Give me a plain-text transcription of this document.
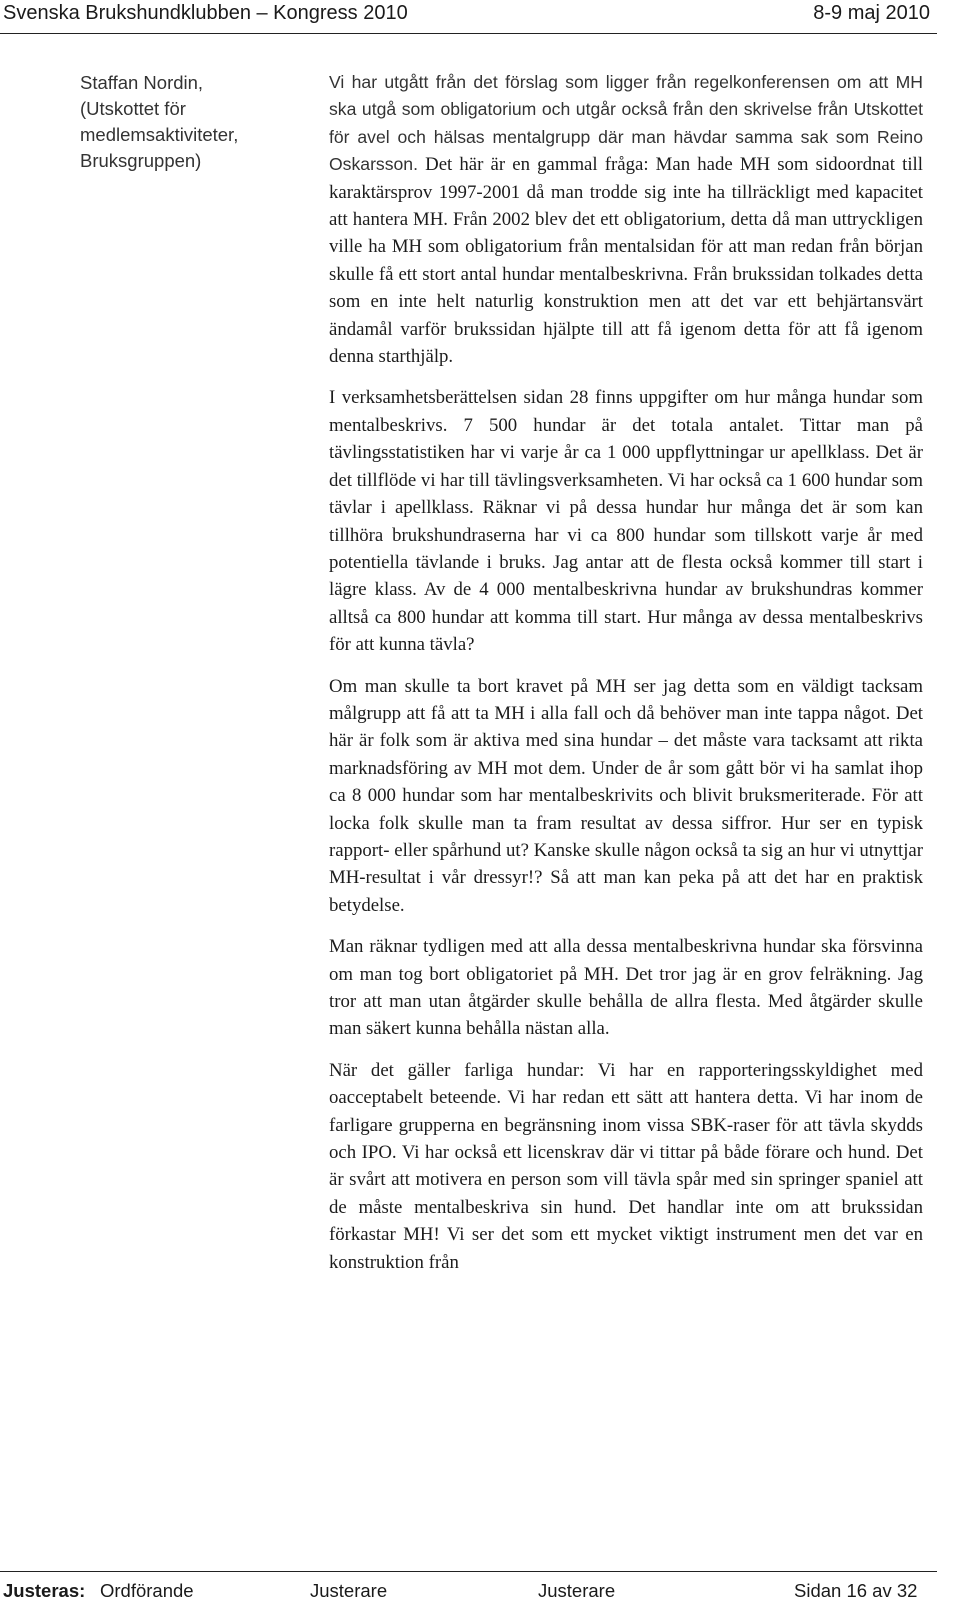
Svenska Brukshundklubben – Kongress 2010	8-9 maj 2010
Staffan Nordin,
(Utskottet för
medlemsaktiviteter,
Bruksgruppen)

Vi har utgått från det förslag som ligger från regelkonferensen om att MH ska utgå som obligatorium och utgår också från den skrivelse från Utskottet för avel och hälsas mentalgrupp där man hävdar samma sak som Reino Oskarsson. Det här är en gammal fråga: Man hade MH som sidoordnat till karaktärsprov 1997-2001 då man trodde sig inte ha tillräckligt med kapacitet att hantera MH. Från 2002 blev det ett obligatorium, detta då man uttryckligen ville ha MH som obligatorium från mentalsidan för att man redan från början skulle få ett stort antal hundar mentalbeskrivna. Från brukssidan tolkades detta som en inte helt naturlig konstruktion men att det var ett behjärtansvärt ändamål varför brukssidan hjälpte till att få igenom detta för att få igenom denna starthjälp.

I verksamhetsberättelsen sidan 28 finns uppgifter om hur många hundar som mentalbeskrivs. 7 500 hundar är det totala antalet. Tittar man på tävlingsstatistiken har vi varje år ca 1 000 uppflyttningar ur apellklass. Det är det tillflöde vi har till tävlingsverksamheten. Vi har också ca 1 600 hundar som tävlar i apellklass. Räknar vi på dessa hundar hur många det är som kan tillhöra brukshundraserna har vi ca 800 hundar som tillskott varje år med potentiella tävlande i bruks. Jag antar att de flesta också kommer till start i lägre klass. Av de 4 000 mentalbeskrivna hundar av brukshundras kommer alltså ca 800 hundar att komma till start. Hur många av dessa mentalbeskrivs för att kunna tävla?

Om man skulle ta bort kravet på MH ser jag detta som en väldigt tacksam målgrupp att få att ta MH i alla fall och då behöver man inte tappa något. Det här är folk som är aktiva med sina hundar – det måste vara tacksamt att rikta marknadsföring av MH mot dem. Under de år som gått bör vi ha samlat ihop ca 8 000 hundar som har mentalbeskrivits och blivit bruksmeriterade. För att locka folk skulle man ta fram resultat av dessa siffror. Hur ser en typisk rapport- eller spårhund ut? Kanske skulle någon också ta sig an hur vi utnyttjar MH-resultat i vår dressyr!? Så att man kan peka på att det har en praktisk betydelse.

Man räknar tydligen med att alla dessa mentalbeskrivna hundar ska försvinna om man tog bort obligatoriet på MH. Det tror jag är en grov felräkning. Jag tror att man utan åtgärder skulle behålla de allra flesta. Med åtgärder skulle man säkert kunna behålla nästan alla.

När det gäller farliga hundar: Vi har en rapporteringsskyldighet med oacceptabelt beteende. Vi har redan ett sätt att hantera detta. Vi har inom de farligare grupperna en begränsning inom vissa SBK-raser för att tävla skydds och IPO. Vi har också ett licenskrav där vi tittar på både förare och hund. Det är svårt att motivera en person som vill tävla spår med sin springer spaniel att de måste mentalbeskriva sin hund. Det handlar inte om att brukssidan förkastar MH! Vi ser det som ett mycket viktigt instrument men det var en konstruktion från

Justeras: Ordförande	Justerare	Justerare	Sidan 16 av 32
